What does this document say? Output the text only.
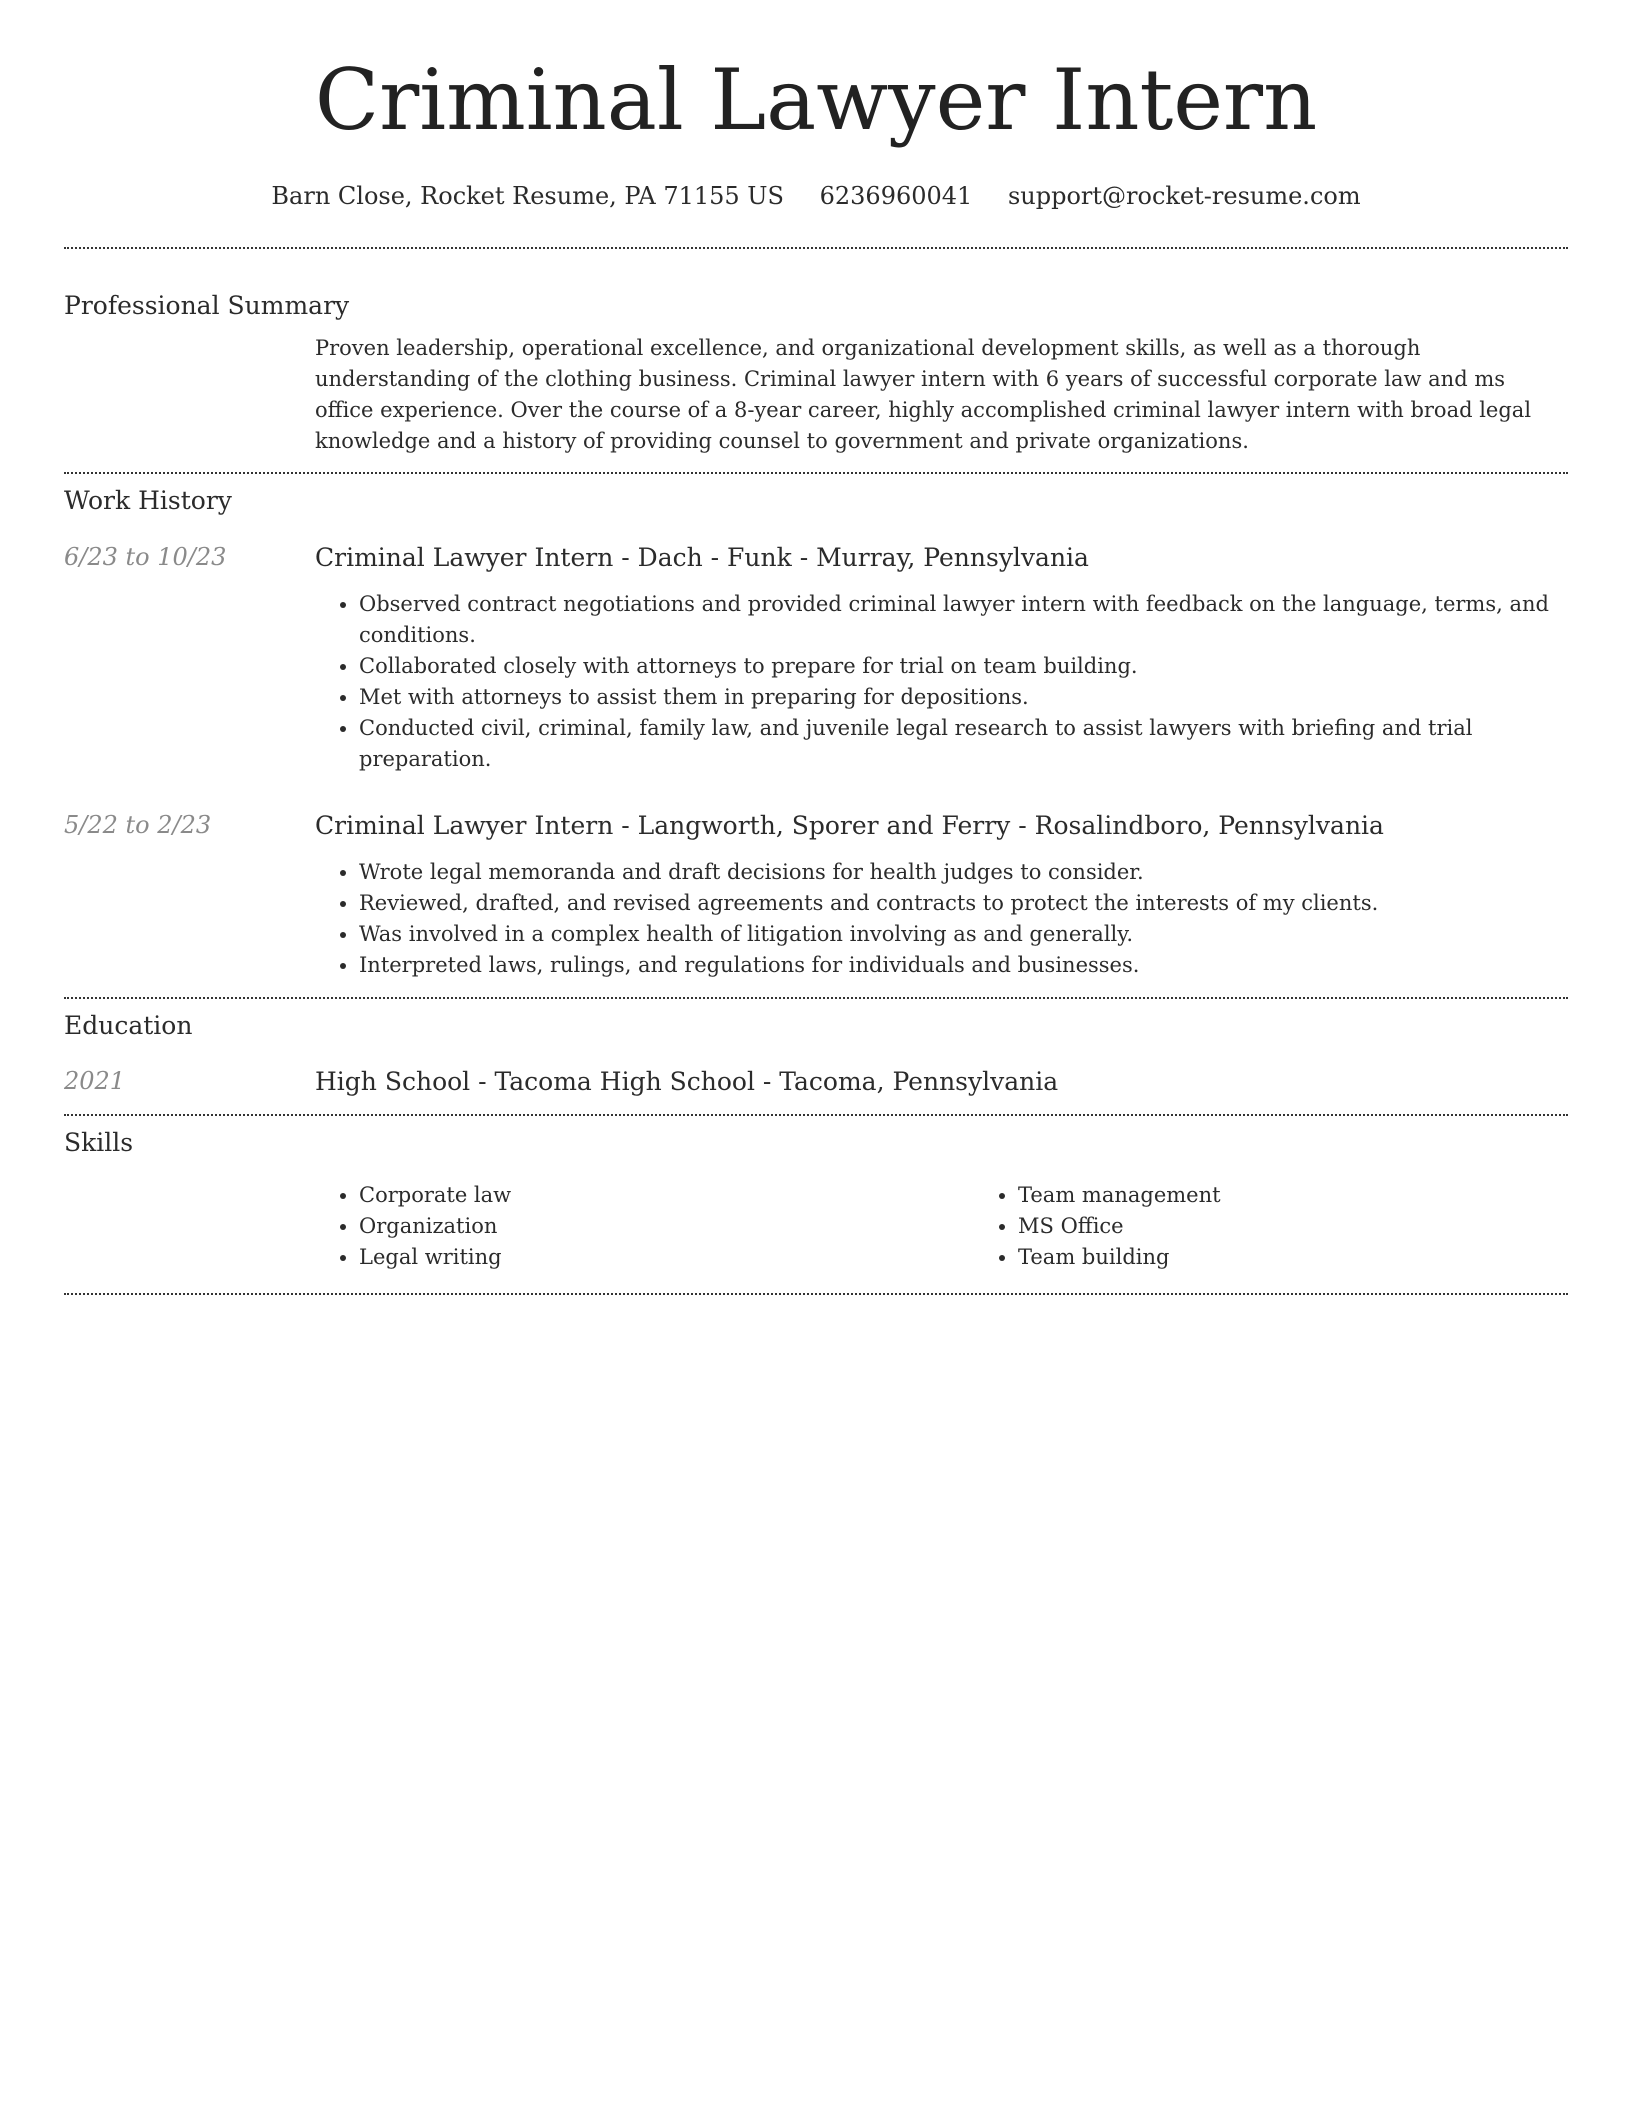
Criminal Lawyer Intern
Barn Close, Rocket Resume, PA 71155 US 6236960041 support@rocket-resume.com
Professional Summary

Proven leadership, operational excellence, and organizational development skills, as well as a thorough understanding of the clothing business. Criminal lawyer intern with 6 years of successful corporate law and ms office experience. Over the course of a 8-year career, highly accomplished criminal lawyer intern with broad legal knowledge and a history of providing counsel to government and private organizations.

Work History
6/23 to 10/23	Criminal Lawyer Intern - Dach - Funk - Murray, Pennsylvania
• Observed contract negotiations and provided criminal lawyer intern with feedback on the language, terms, and conditions.
• Collaborated closely with attorneys to prepare for trial on team building.
• Met with attorneys to assist them in preparing for depositions.
• Conducted civil, criminal, family law, and juvenile legal research to assist lawyers with briefing and trial preparation.
5/22 to 2/23	Criminal Lawyer Intern - Langworth, Sporer and Ferry - Rosalindboro, Pennsylvania
• Wrote legal memoranda and draft decisions for health judges to consider.
• Reviewed, drafted, and revised agreements and contracts to protect the interests of my clients.
• Was involved in a complex health of litigation involving as and generally.
• Interpreted laws, rulings, and regulations for individuals and businesses.
Education
2021	High School - Tacoma High School - Tacoma, Pennsylvania
Skills
• Corporate law
• Organization
• Legal writing
• Team management
• MS Office
• Team building
